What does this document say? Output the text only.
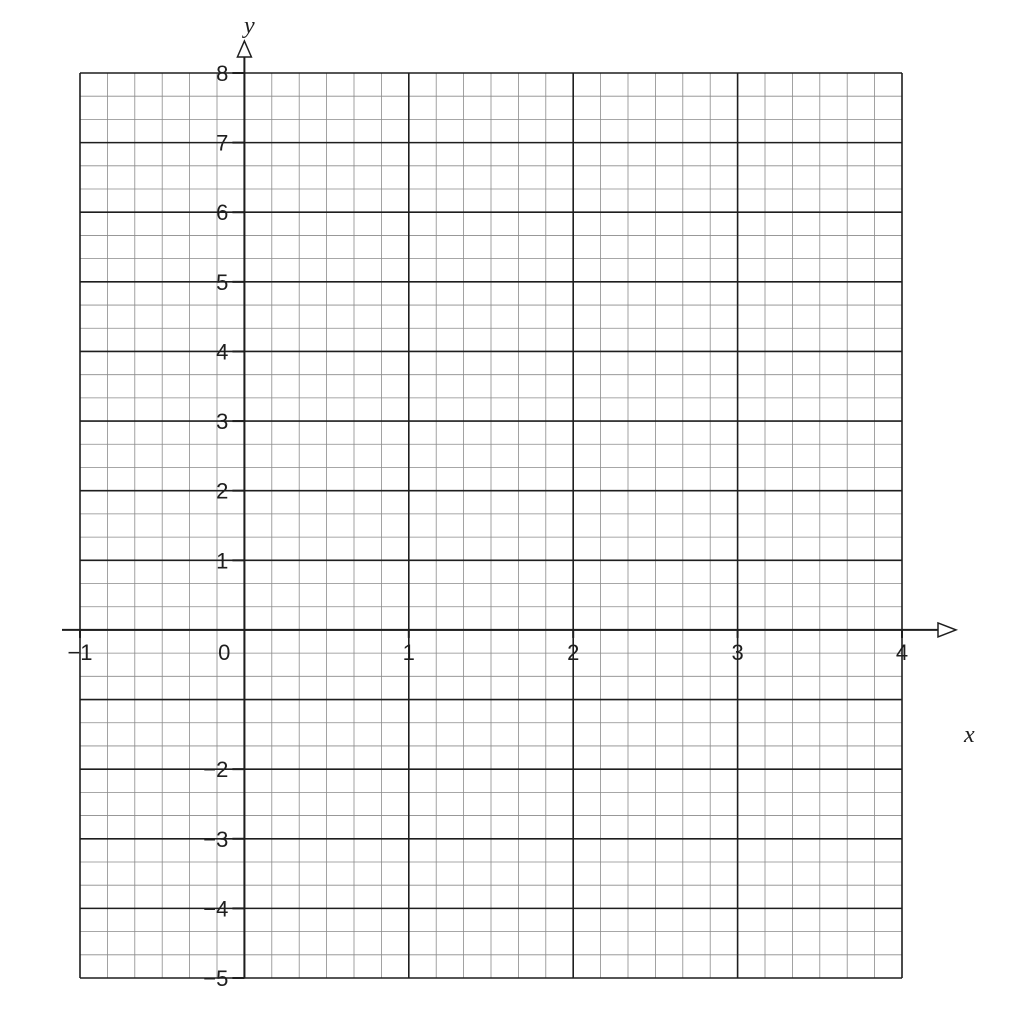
8
7
6
5
4
3
2
1
−2
−3
−4
−5
−1	0	1	2	3	4
x
y
